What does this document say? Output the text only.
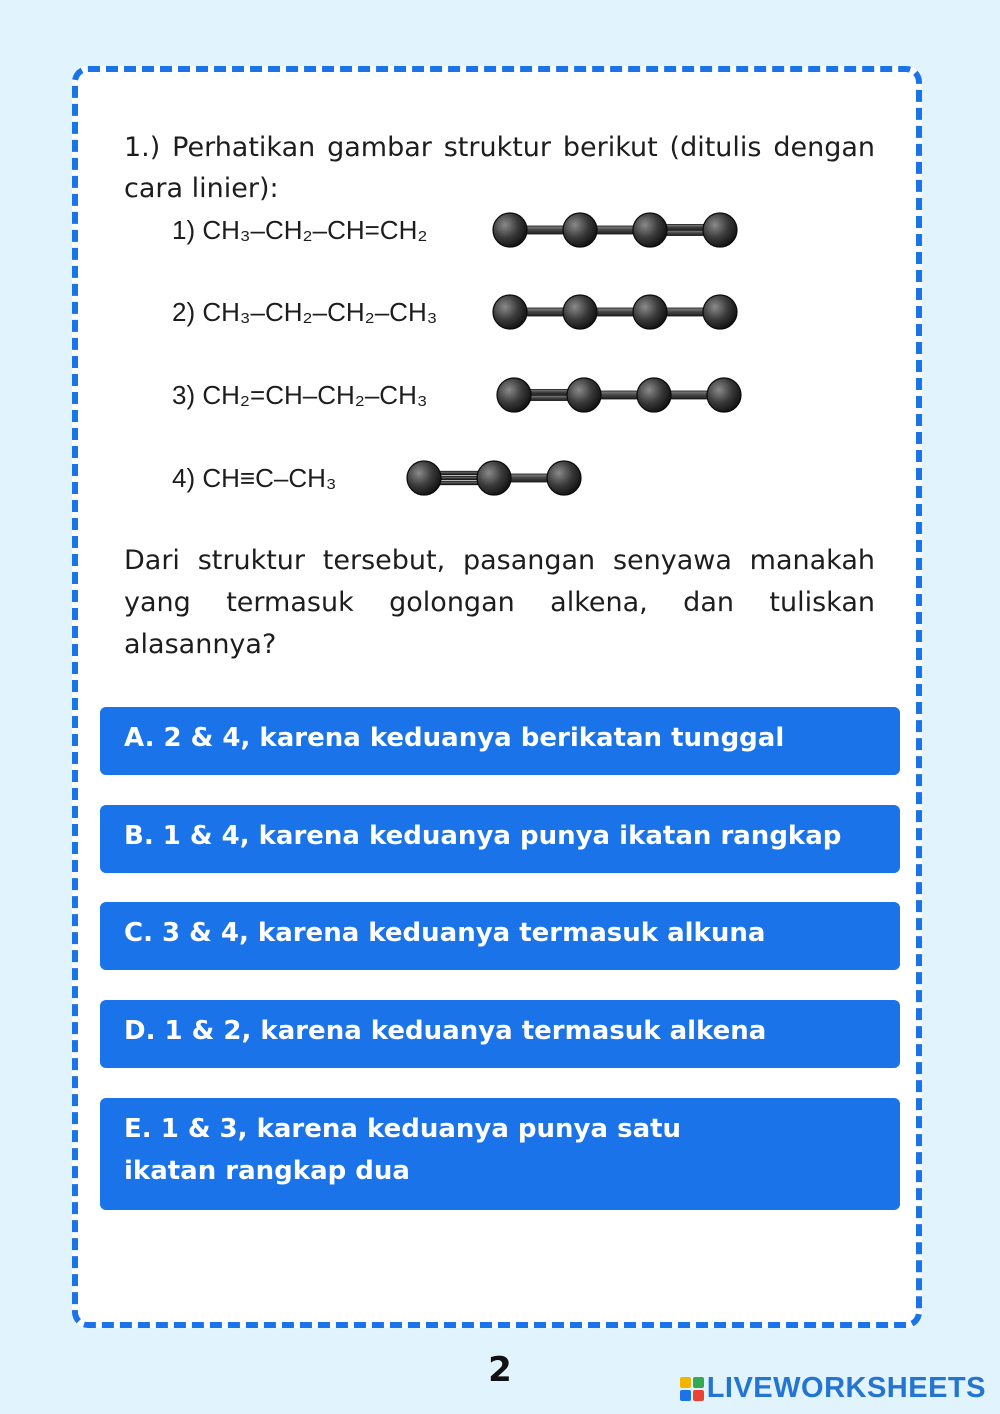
1.) Perhatikan gambar struktur berikut (ditulis dengan cara linier):

1) CH₃–CH₂–CH=CH₂
2) CH₃–CH₂–CH₂–CH₃
3) CH₂=CH–CH₂–CH₃
4) CH≡C–CH₃

Dari struktur tersebut, pasangan senyawa manakah yang termasuk golongan alkena, dan tuliskan alasannya?

A. 2 & 4, karena keduanya berikatan tunggal
B. 1 & 4, karena keduanya punya ikatan rangkap
C. 3 & 4, karena keduanya termasuk alkuna
D. 1 & 2, karena keduanya termasuk alkena
E. 1 & 3, karena keduanya punya satu ikatan rangkap dua
2	LIVEWORKSHEETS
